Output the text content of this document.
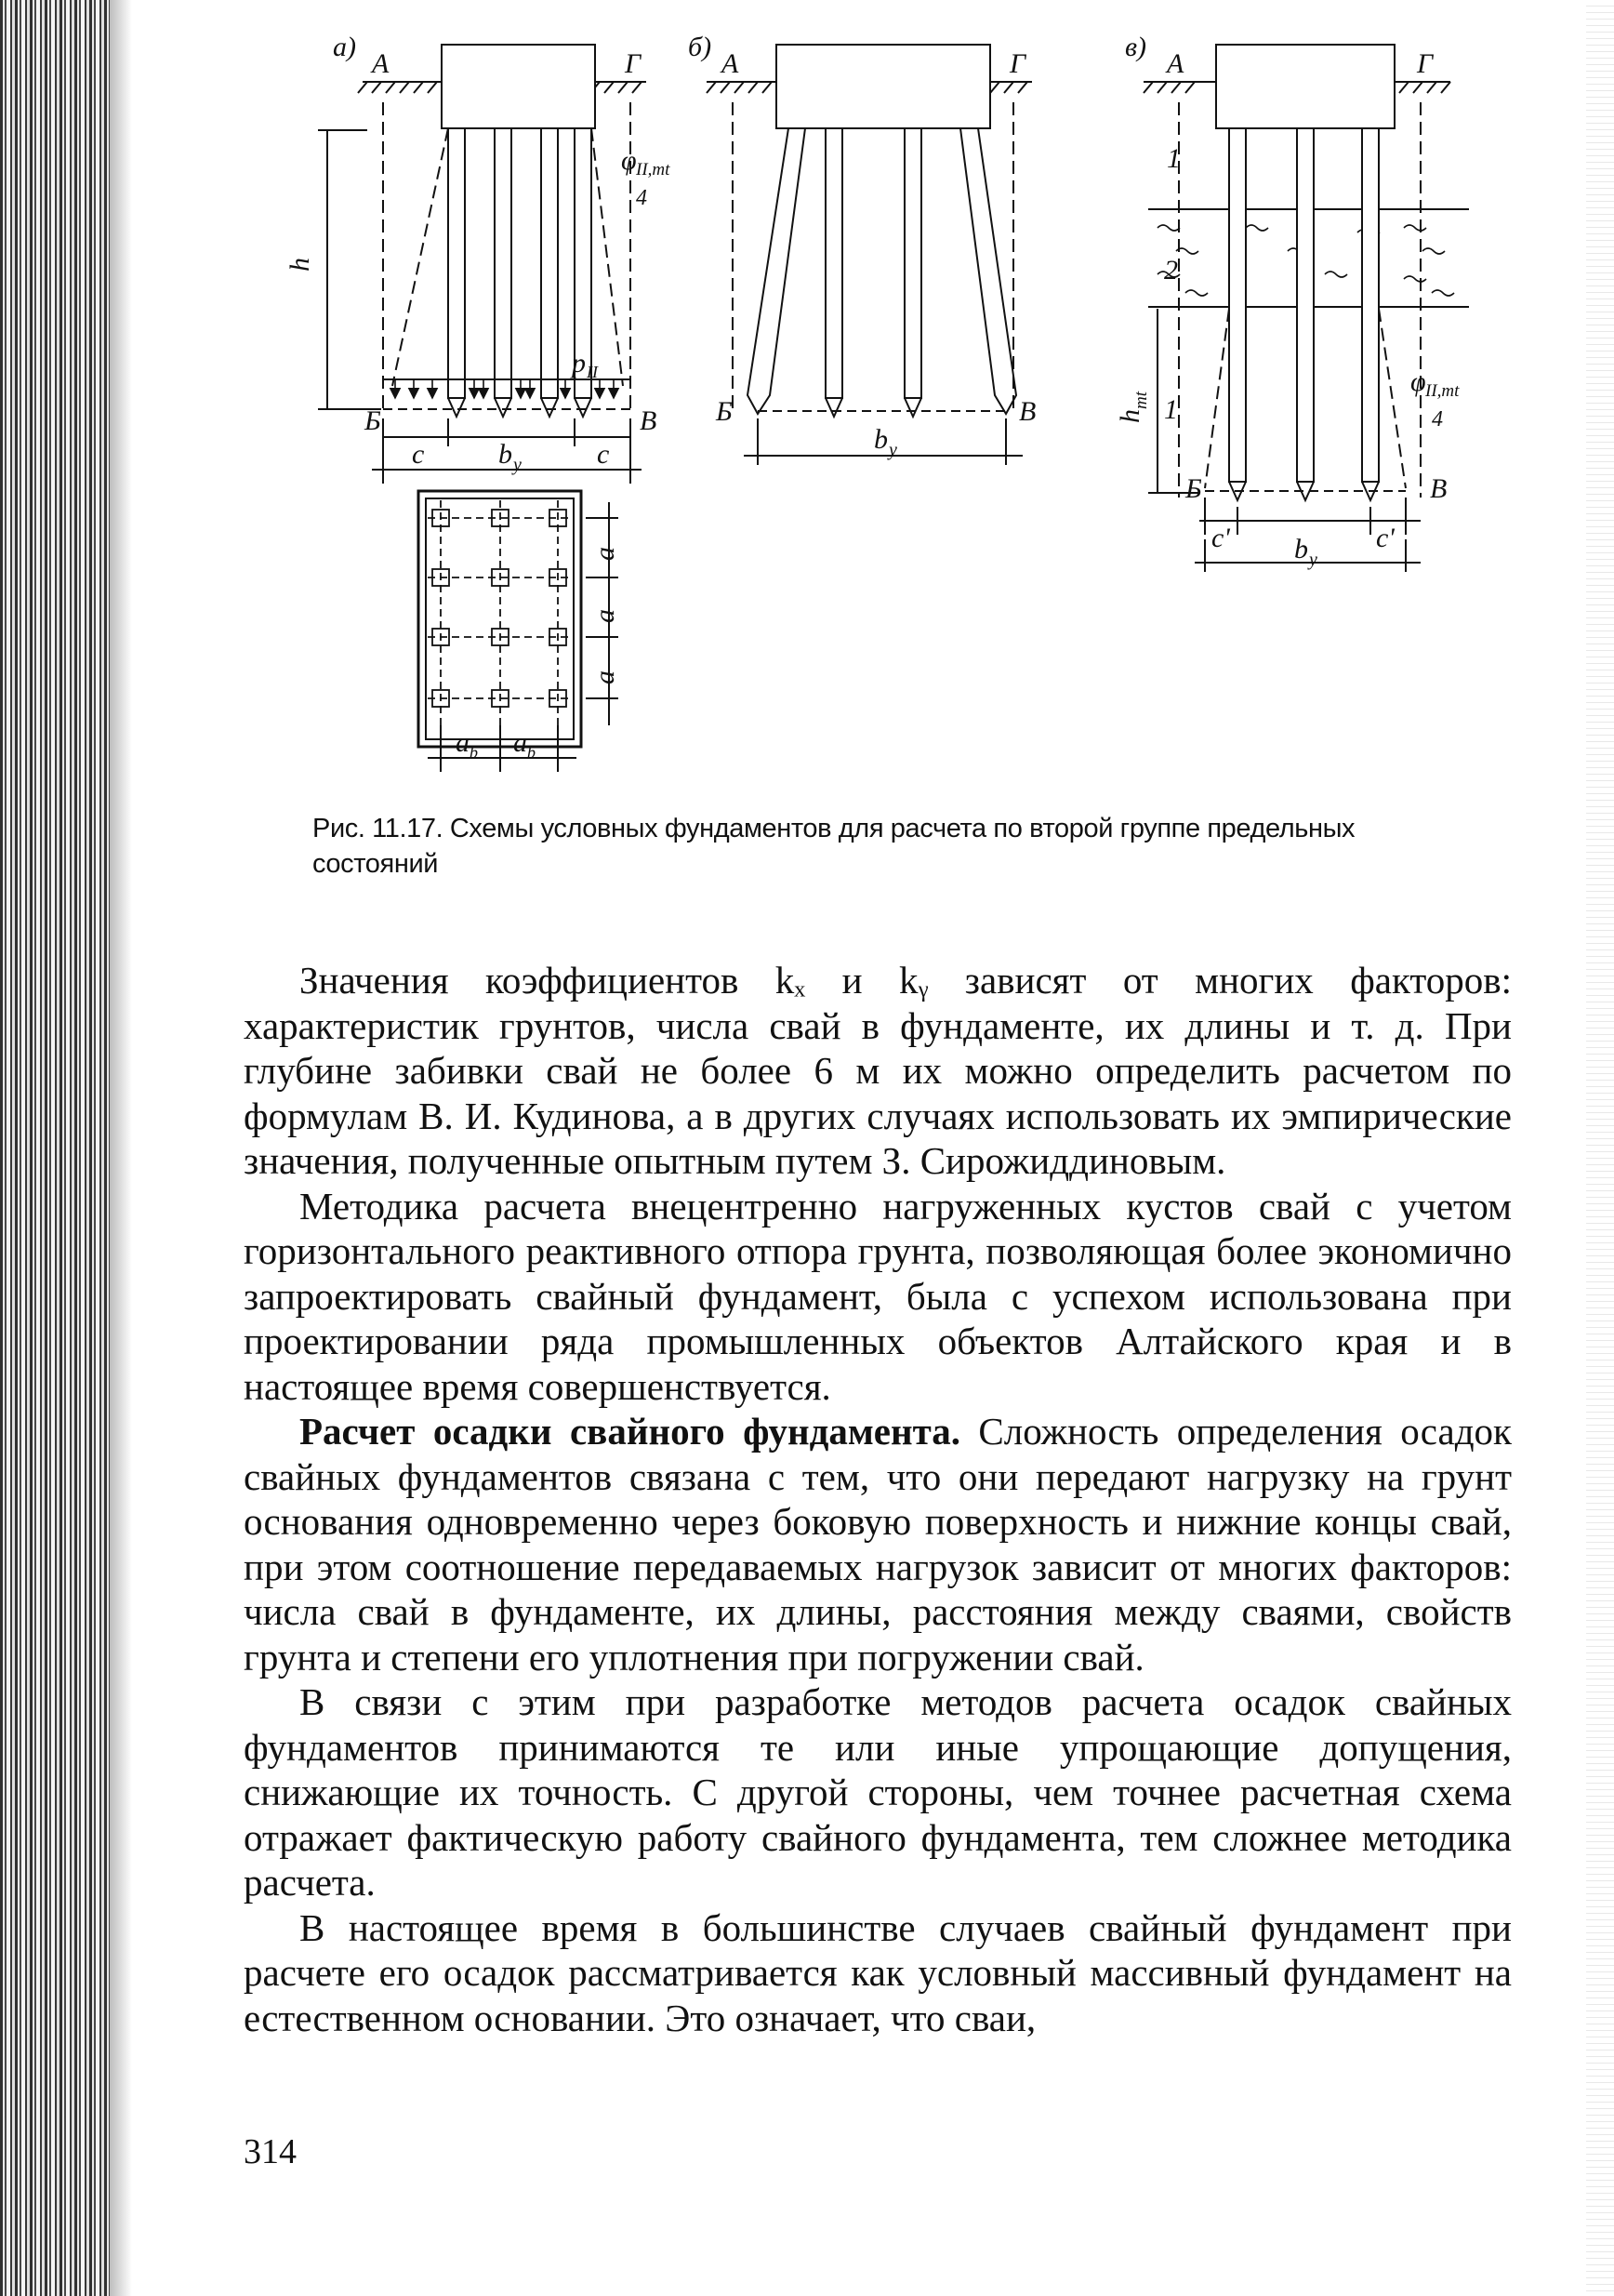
а)	б)	в)
А	Г
Б	В
А	Г
Б	В
А	Г
Б	В
h
c	c
b y
p II
φ II,mt
4
φ II,mt
4
b y
h
mt
c'	c'
b y
1
2
1
a
a
a
a b a b
Рис. 11.17. Схемы условных фундаментов для расчета по второй группе предельных состояний

Значения коэффициентов kₓ и kᵧ зависят от многих факторов: характеристик грунтов, числа свай в фундаменте, их длины и т. д. При глубине забивки свай не более 6 м их можно определить расчетом по формулам В. И. Кудинова, а в других случаях использовать их эмпирические значения, полученные опытным путем З. Сирожиддиновым.

Методика расчета внецентренно нагруженных кустов свай с учетом горизонтального реактивного отпора грунта, позволяющая более экономично запроектировать свайный фундамент, была с успехом использована при проектировании ряда промышленных объектов Алтайского края и в настоящее время совершенствуется.

Расчет осадки свайного фундамента. Сложность определения осадок свайных фундаментов связана с тем, что они передают нагрузку на грунт основания одновременно через боковую поверхность и нижние концы свай, при этом соотношение передаваемых нагрузок зависит от многих факторов: числа свай в фундаменте, их длины, расстояния между сваями, свойств грунта и степени его уплотнения при погружении свай.

В связи с этим при разработке методов расчета осадок свайных фундаментов принимаются те или иные упрощающие допущения, снижающие их точность. С другой стороны, чем точнее расчетная схема отражает фактическую работу свайного фундамента, тем сложнее методика расчета.

В настоящее время в большинстве случаев свайный фундамент при расчете его осадок рассматривается как условный массивный фундамент на естественном основании. Это означает, что сваи,

314
